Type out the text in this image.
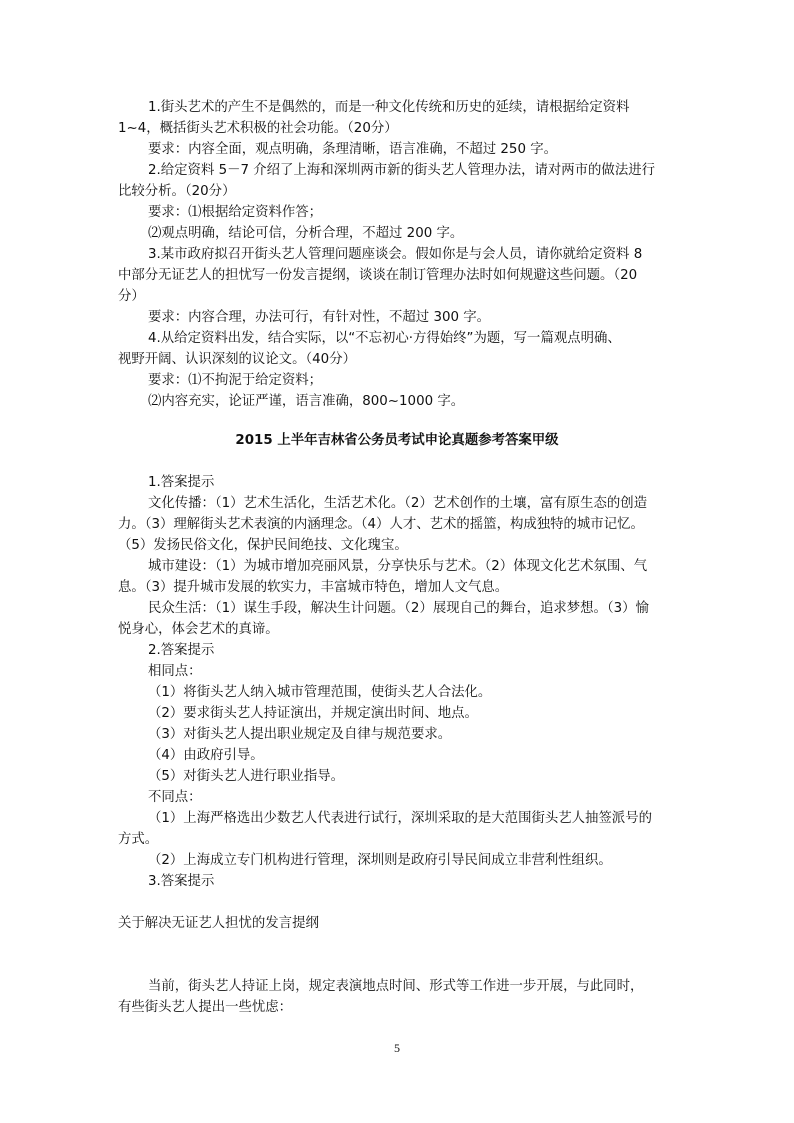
1.街头艺术的产生不是偶然的，而是一种文化传统和历史的延续，请根据给定资料
1~4，概括街头艺术积极的社会功能。（20分）
要求：内容全面，观点明确，条理清晰，语言准确，不超过 250 字。
2.给定资料 5－7 介绍了上海和深圳两市新的街头艺人管理办法，请对两市的做法进行
比较分析。（20分）
要求：⑴根据给定资料作答；
⑵观点明确，结论可信，分析合理，不超过 200 字。
3.某市政府拟召开街头艺人管理问题座谈会。假如你是与会人员，请你就给定资料 8
中部分无证艺人的担忧写一份发言提纲，谈谈在制订管理办法时如何规避这些问题。（20
分）
要求：内容合理，办法可行，有针对性，不超过 300 字。
4.从给定资料出发，结合实际，以“不忘初心·方得始终”为题，写一篇观点明确、
视野开阔、认识深刻的议论文。（40分）
要求：⑴不拘泥于给定资料；
⑵内容充实，论证严谨，语言准确，800~1000 字。
2015 上半年吉林省公务员考试申论真题参考答案甲级
1.答案提示
文化传播：（1）艺术生活化，生活艺术化。（2）艺术创作的土壤，富有原生态的创造
力。（3）理解街头艺术表演的内涵理念。（4）人才、艺术的摇篮，构成独特的城市记忆。
（5）发扬民俗文化，保护民间绝技、文化瑰宝。
城市建设：（1）为城市增加亮丽风景，分享快乐与艺术。（2）体现文化艺术氛围、气
息。（3）提升城市发展的软实力，丰富城市特色，增加人文气息。
民众生活：（1）谋生手段，解决生计问题。（2）展现自己的舞台，追求梦想。（3）愉
悦身心，体会艺术的真谛。
2.答案提示
相同点：
（1）将街头艺人纳入城市管理范围，使街头艺人合法化。
（2）要求街头艺人持证演出，并规定演出时间、地点。
（3）对街头艺人提出职业规定及自律与规范要求。
（4）由政府引导。
（5）对街头艺人进行职业指导。
不同点：
（1）上海严格选出少数艺人代表进行试行，深圳采取的是大范围街头艺人抽签派号的
方式。
（2）上海成立专门机构进行管理，深圳则是政府引导民间成立非营利性组织。
3.答案提示
关于解决无证艺人担忧的发言提纲
当前，街头艺人持证上岗，规定表演地点时间、形式等工作进一步开展，与此同时，
有些街头艺人提出一些忧虑：
5
